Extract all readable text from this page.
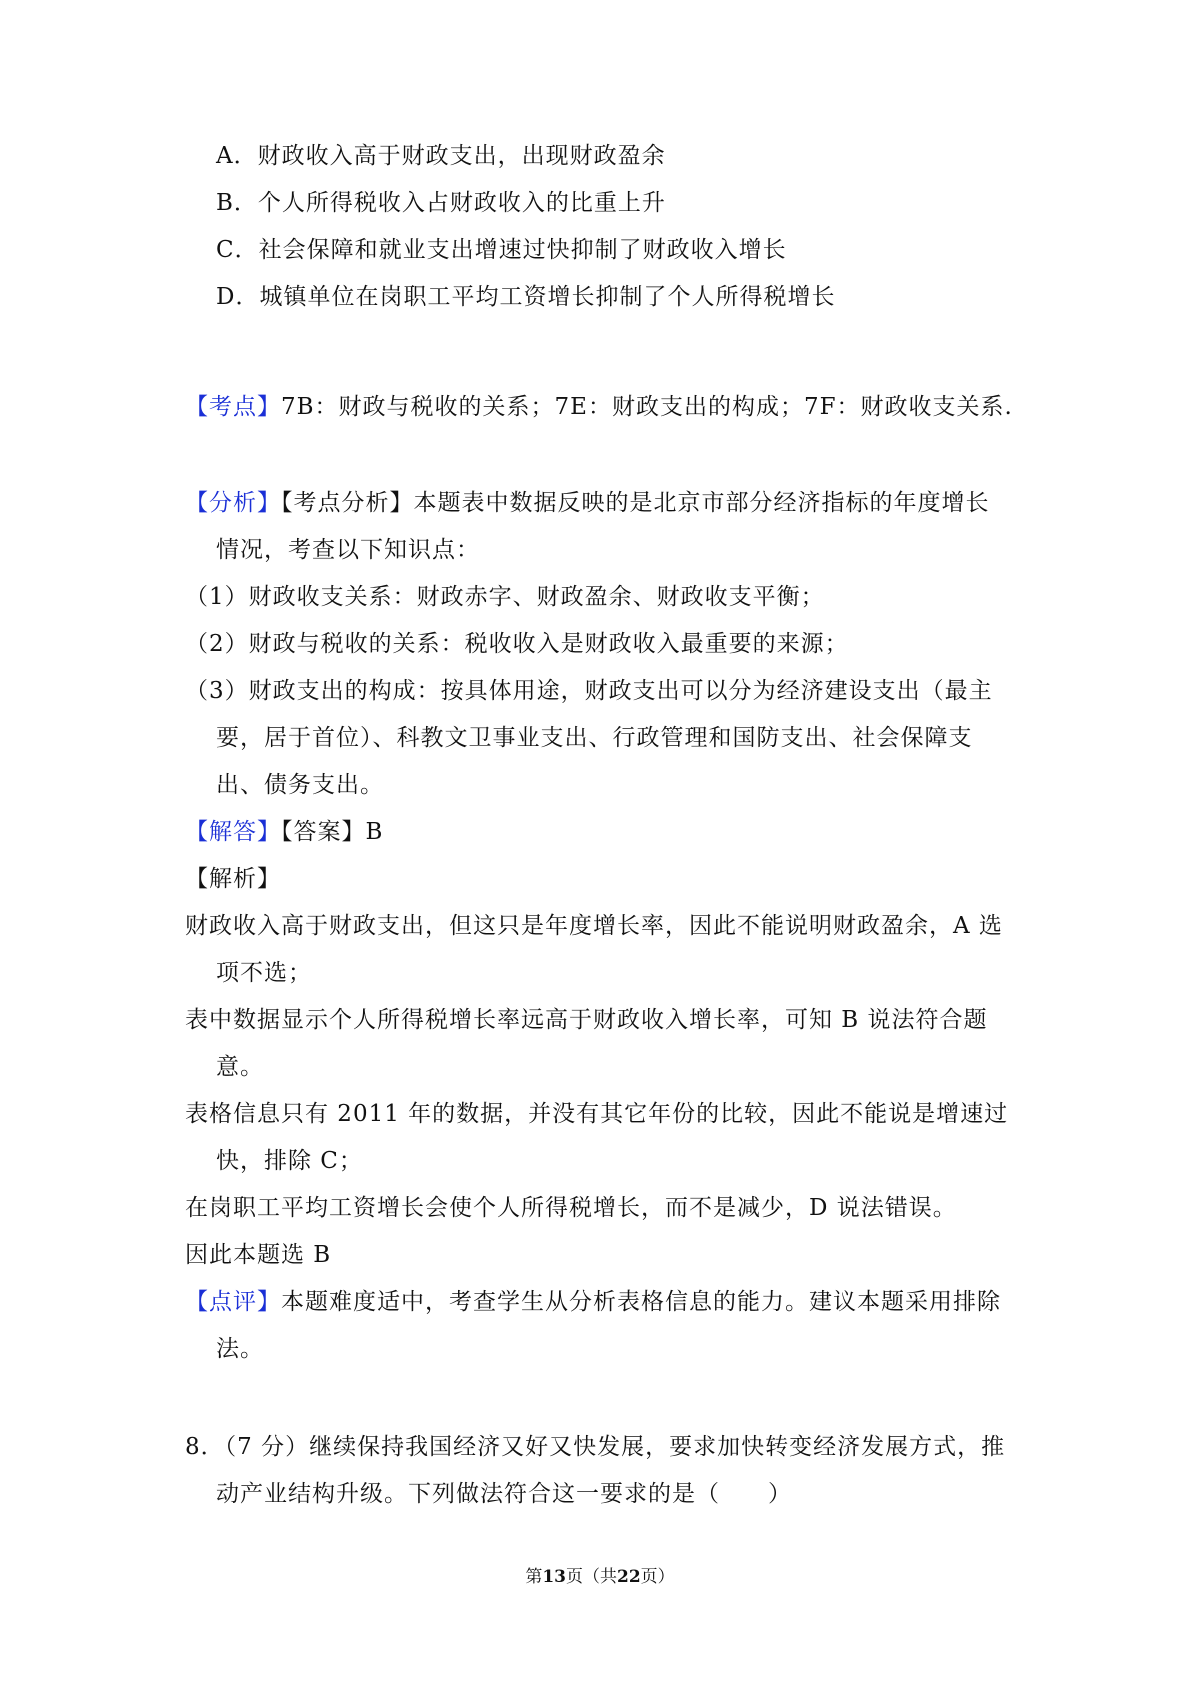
A．财政收入高于财政支出，出现财政盈余
B．个人所得税收入占财政收入的比重上升
C．社会保障和就业支出增速过快抑制了财政收入增长
D．城镇单位在岗职工平均工资增长抑制了个人所得税增长
【考点】7B：财政与税收的关系；7E：财政支出的构成；7F：财政收支关系.
【分析】【考点分析】本题表中数据反映的是北京市部分经济指标的年度增长
情况，考查以下知识点：
（1）财政收支关系：财政赤字、财政盈余、财政收支平衡；
（2）财政与税收的关系：税收收入是财政收入最重要的来源；
（3）财政支出的构成：按具体用途，财政支出可以分为经济建设支出（最主
要，居于首位）、科教文卫事业支出、行政管理和国防支出、社会保障支
出、债务支出。
【解答】【答案】B
【解析】
财政收入高于财政支出，但这只是年度增长率，因此不能说明财政盈余，A 选
项不选；
表中数据显示个人所得税增长率远高于财政收入增长率，可知 B 说法符合题
意。
表格信息只有 2011 年的数据，并没有其它年份的比较，因此不能说是增速过
快，排除 C；
在岗职工平均工资增长会使个人所得税增长，而不是减少，D 说法错误。
因此本题选 B
【点评】本题难度适中，考查学生从分析表格信息的能力。建议本题采用排除
法。
8．（7 分）继续保持我国经济又好又快发展，要求加快转变经济发展方式，推
动产业结构升级。下列做法符合这一要求的是（　　）
第13页（共22页）
